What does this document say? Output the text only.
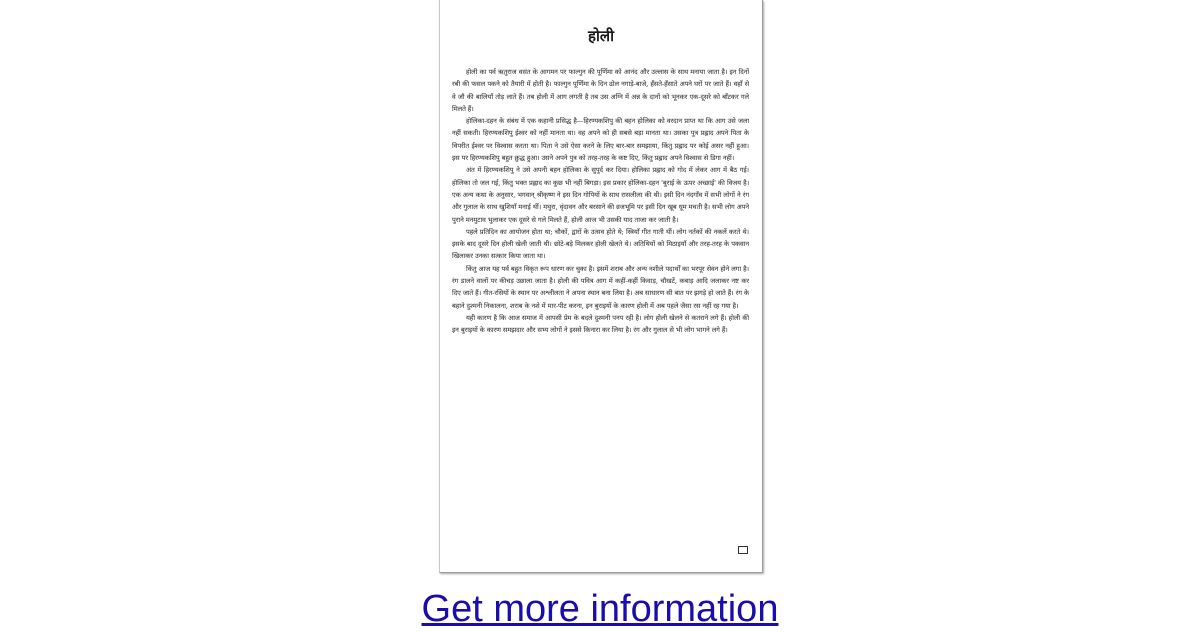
होली

होली का पर्व ऋतुराज वसंत के आगमन पर फाल्गुन की पूर्णिमा को आनंद और उल्लास के साथ मनाया जाता है। इन दिनों रबी की फसल पकने को तैयारी में होती है। फाल्गुन पूर्णिमा के दिन ढोल नगाड़े-बाजे, हँसते-हँसाते अपने घरों पर जाते हैं। वहाँ से वे जौ की बालियाँ तोड़ लाते हैं। तब होली में आग लगती है तब उस अग्नि में अन्न के दानों को भूनकर एक-दूसरे को बाँटकर गले मिलते हैं।

होलिका-दहन के संबंध में एक कहानी प्रसिद्ध है—हिरण्यकशिपु की बहन होलिका को वरदान प्राप्त था कि आग उसे जला नहीं सकती। हिरण्यकशिपु ईश्वर को नहीं मानता था। वह अपने को ही सबसे बड़ा मानता था। उसका पुत्र प्रह्लाद अपने पिता के विपरीत ईश्वर पर विश्वास करता था। पिता ने उसे ऐसा करने के लिए बार-बार समझाया, किंतु प्रह्लाद पर कोई असर नहीं हुआ। इस पर हिरण्यकशिपु बहुत क्रुद्ध हुआ। उसने अपने पुत्र को तरह-तरह के कष्ट दिए, किंतु प्रह्लाद अपने विश्वास से डिगा नहीं।

अंत में हिरण्यकशिपु ने उसे अपनी बहन होलिका के सुपुर्द कर दिया। होलिका प्रह्लाद को गोद में लेकर आग में बैठ गई। होलिका तो जल गई, किंतु भक्त प्रह्लाद का कुछ भी नहीं बिगड़ा। इस प्रकार होलिका-दहन 'बुराई के ऊपर अच्छाई' की विजय है। एक अन्य कथा के अनुसार, भगवान् श्रीकृष्ण ने इस दिन गोपियों के साथ रासलीला की थी। इसी दिन नंदगाँव में सभी लोगों ने रंग और गुलाल के साथ खुशियाँ मनाई थीं। मथुरा, वृंदावन और बरसाने की व्रजभूमि पर इसी दिन खूब धूम मचती है। सभी लोग अपने पुराने मनमुटाव भुलाकर एक दूसरे से गले मिलते हैं, होली आज भी उसकी याद ताजा कर जाती है।

पहले प्रतिदिन का आयोजन होता था; चौकों, द्वारों के उत्सव होते थे; स्त्रियाँ गीत गाती थीं। लोग नर्तकों की नकलें करते थे। इसके बाद दूसरे दिन होली खेली जाती थी। छोटे-बड़े मिलकर होली खेलते थे। अतिथियों को मिठाइयाँ और तरह-तरह के पकवान खिलाकर उनका सत्कार किया जाता था।

किंतु आज यह पर्व बहुत विकृत रूप धारण कर चुका है। इसमें शराब और अन्य नशीले पदार्थों का भरपूर सेवन होने लगा है। रंग डालने वालों पर कीचड़ उछाला जाता है। होली की पवित्र आग में कहीं-कहीं किवाड़, चौखटें, कबाड़ आदि जलाकर नष्ट कर दिए जाते हैं। गीत-रसियों के स्थान पर अश्लीलता ने अपना स्थान बना लिया है। अब साधारण सी बात पर झगड़े हो जाते हैं। रंग के बहाने दुश्मनी निकालना, शराब के नशे में मार-पीट करना, इन बुराइयों के कारण होली में अब पहले जैसा रस नहीं रह गया है।

यही कारण है कि आज समाज में आपसी प्रेम के बदले दुश्मनी पनप रही है। लोग होली खेलने से कतराने लगे हैं। होली की इन बुराइयों के कारण समझदार और सभ्य लोगों ने इससे किनारा कर लिया है। रंग और गुलाल से भी लोग भागने लगे हैं।

Get more information
